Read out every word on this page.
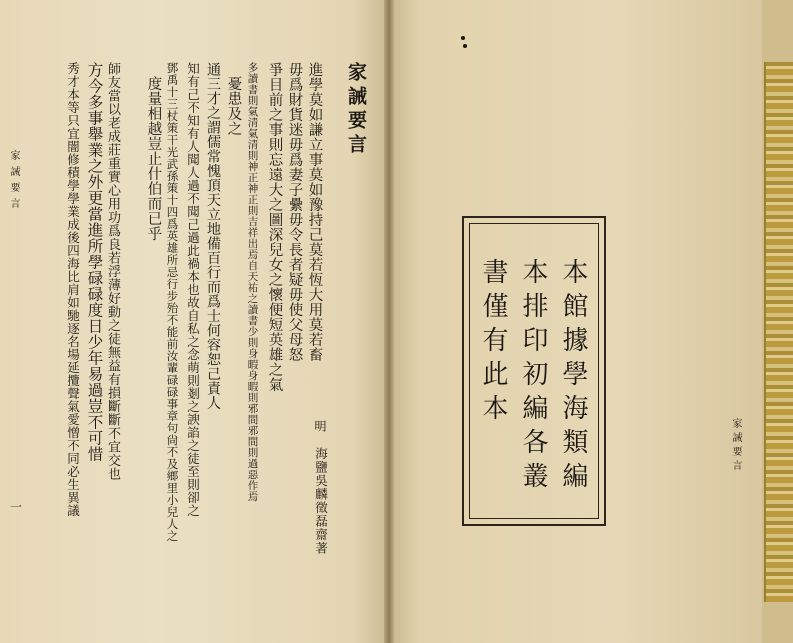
家誡要言
一
家誡要言
明
海鹽吳麟徵磊齋著
進學莫如謙立事莫如豫持己莫若恆大用莫若畜
毋爲財貨迷毋爲妻子纍毋令長者疑毋使父母怒
爭目前之事則忘遠大之圖深兒女之懷便短英雄之氣
多讀書則氣清氣清則神正神正則吉祥出焉自天祐之讀書少則身暇身暇則邪間邪間則過惡作焉
憂患及之
通三才之謂儒常愧頂天立地備百行而爲士何容恕己責人
知有己不知有人聞人過不聞己過此禍本也故自私之念萌則剗之諛諂之徒至則卻之
鄧禹十三杖策干光武孫策十四爲英雄所忌行步殆不能前汝輩碌碌事章句尙不及鄉里小兒人之
度量相越豈止什伯而已乎
師友當以老成莊重實心用功爲良若浮薄好動之徒無益有損斷斷不宜交也
方今多事舉業之外更當進所學碌碌度日少年易過豈不可惜
秀才本等只宜闇修積學學業成後四海比肩如馳逐名場延攬聲氣愛憎不同必生異議	本館據學海類編
本排印初編各叢
書僅有此本
家誡要言
